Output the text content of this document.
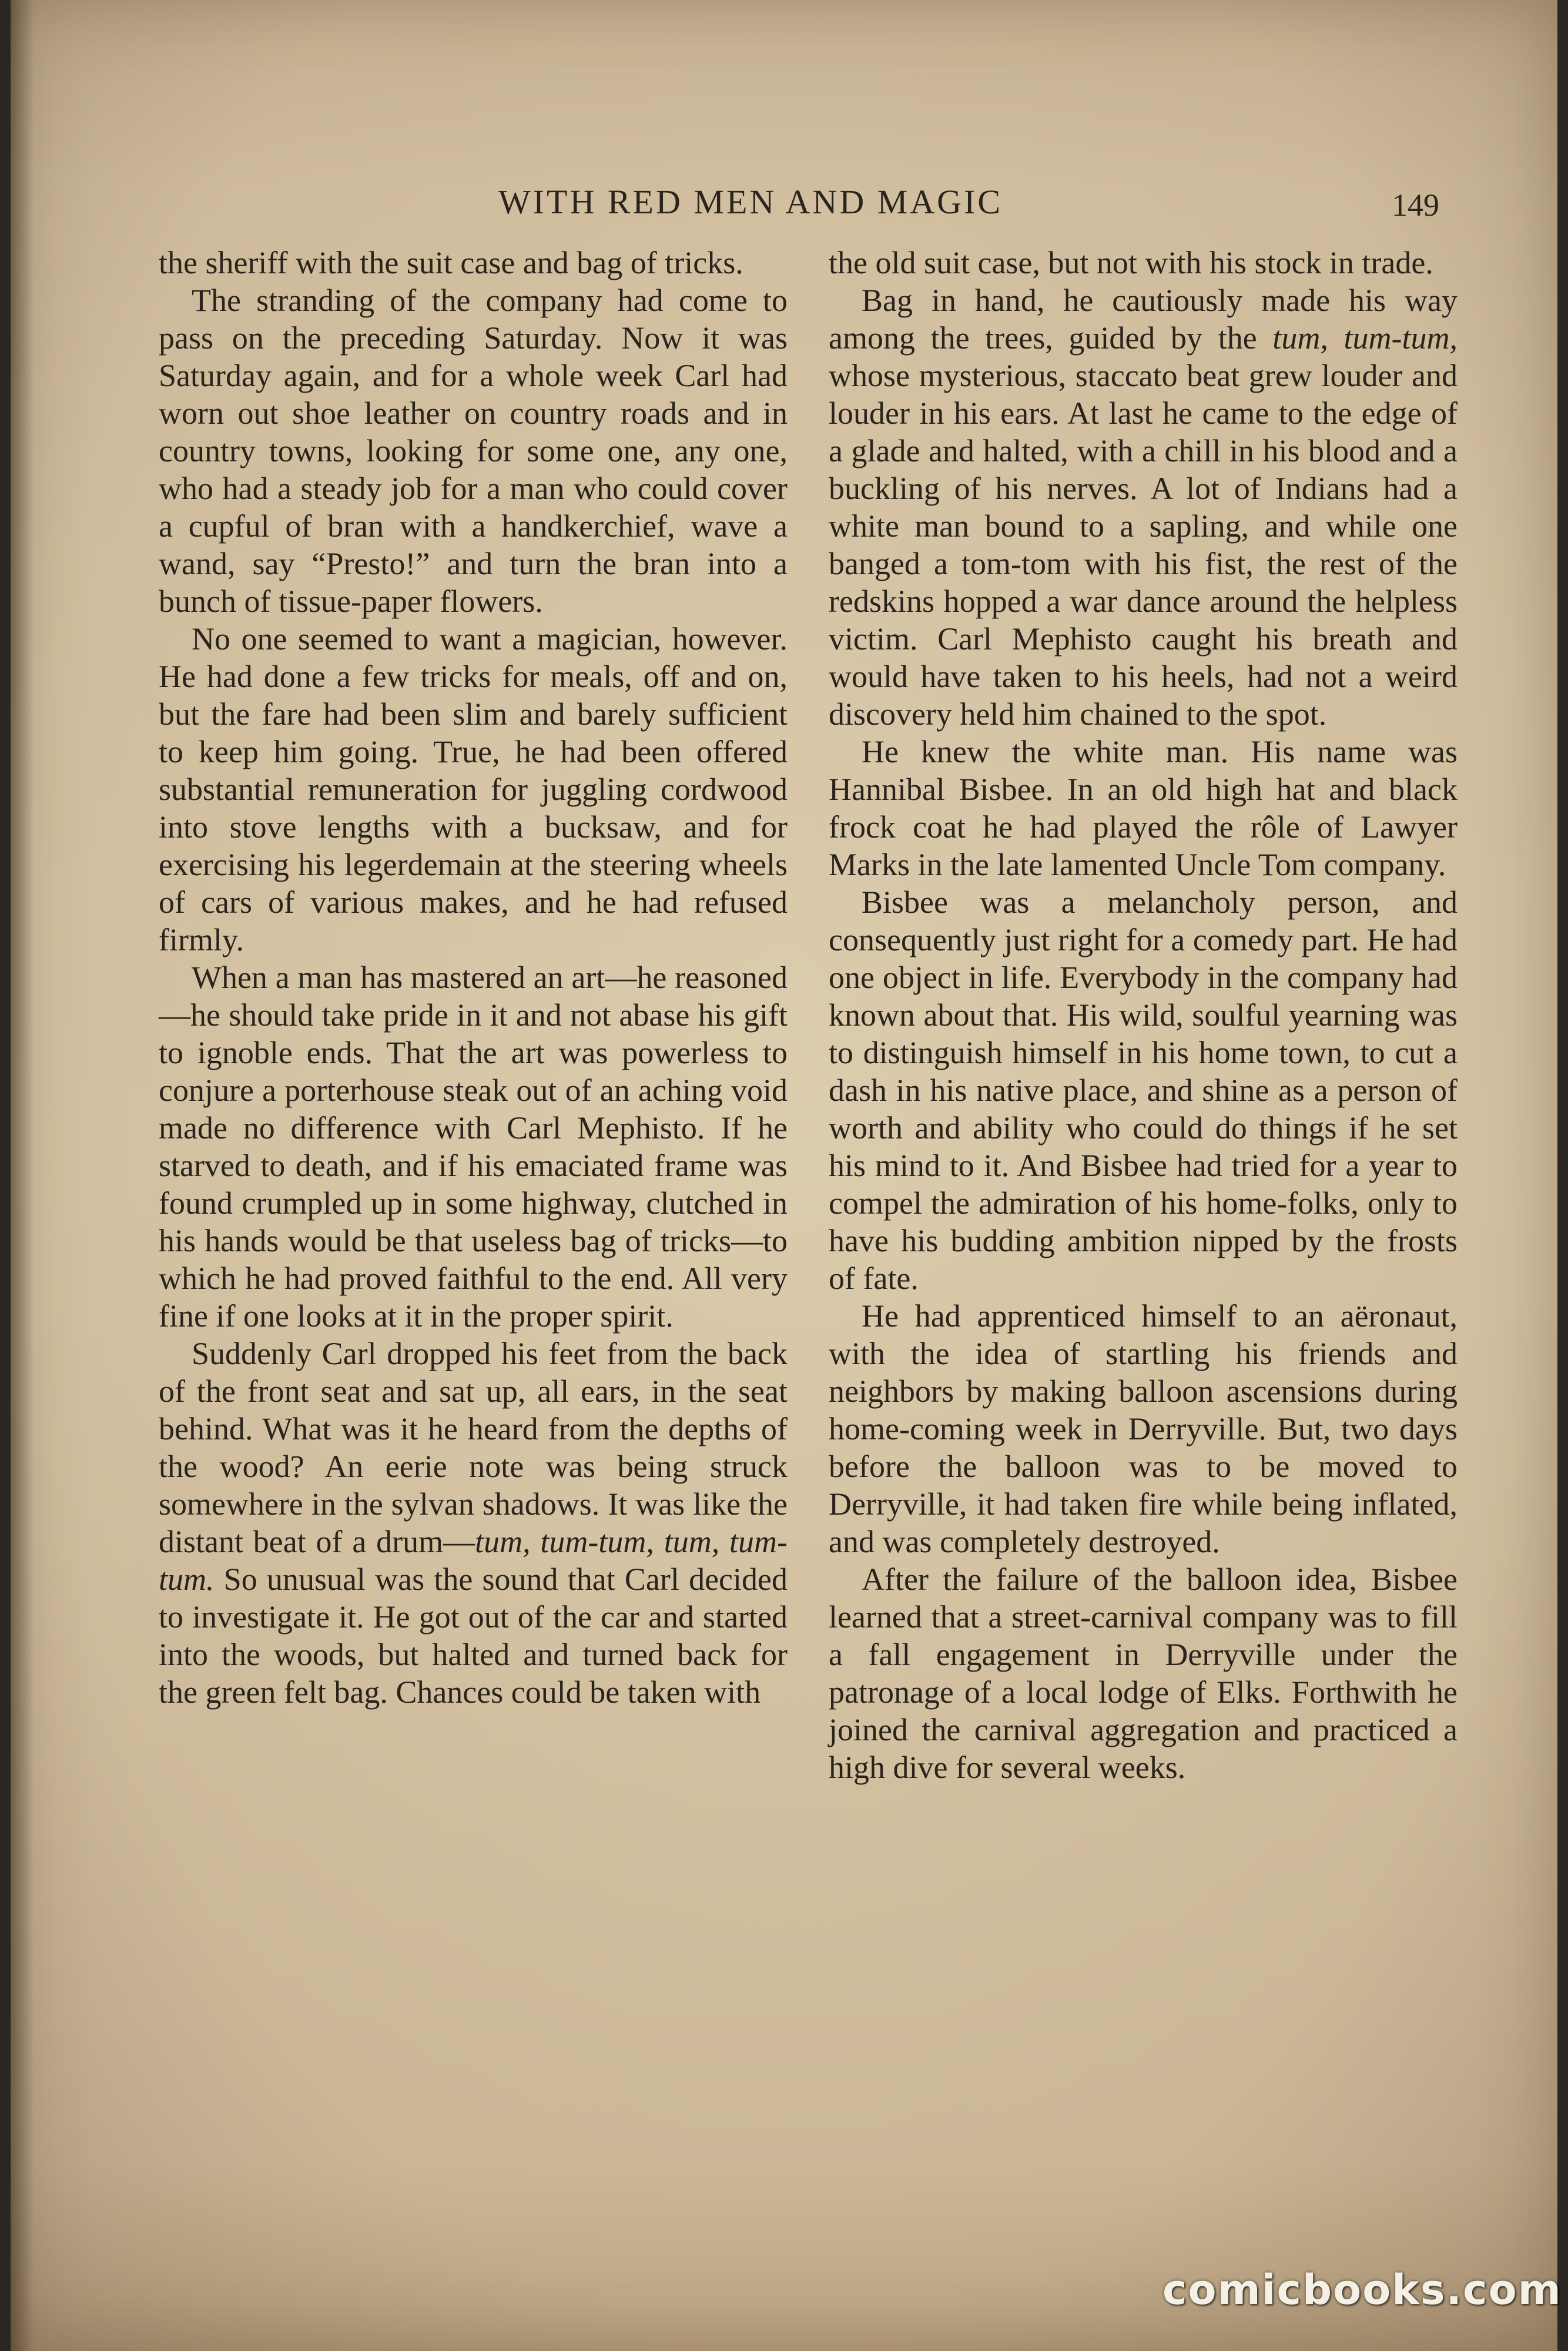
WITH RED MEN AND MAGIC	149

the sheriff with the suit case and bag of tricks.

The stranding of the company had come to pass on the preceding Saturday. Now it was Saturday again, and for a whole week Carl had worn out shoe leather on country roads and in country towns, looking for some one, any one, who had a steady job for a man who could cover a cupful of bran with a handkerchief, wave a wand, say “Presto!” and turn the bran into a bunch of tissue-paper flowers.

No one seemed to want a magician, however. He had done a few tricks for meals, off and on, but the fare had been slim and barely sufficient to keep him going. True, he had been offered substantial remuneration for juggling cordwood into stove lengths with a bucksaw, and for exercising his legerdemain at the steering wheels of cars of various makes, and he had refused firmly.

When a man has mastered an art—he reasoned—he should take pride in it and not abase his gift to ignoble ends. That the art was powerless to conjure a porterhouse steak out of an aching void made no difference with Carl Mephisto. If he starved to death, and if his emaciated frame was found crumpled up in some highway, clutched in his hands would be that useless bag of tricks—to which he had proved faithful to the end. All very fine if one looks at it in the proper spirit.

Suddenly Carl dropped his feet from the back of the front seat and sat up, all ears, in the seat behind. What was it he heard from the depths of the wood? An eerie note was being struck somewhere in the sylvan shadows. It was like the distant beat of a drum—tum, tum-tum, tum, tum-tum. So unusual was the sound that Carl decided to investigate it. He got out of the car and started into the woods, but halted and turned back for the green felt bag. Chances could be taken with

the old suit case, but not with his stock in trade.

Bag in hand, he cautiously made his way among the trees, guided by the tum, tum-tum, whose mysterious, staccato beat grew louder and louder in his ears. At last he came to the edge of a glade and halted, with a chill in his blood and a buckling of his nerves. A lot of Indians had a white man bound to a sapling, and while one banged a tom-tom with his fist, the rest of the redskins hopped a war dance around the helpless victim. Carl Mephisto caught his breath and would have taken to his heels, had not a weird discovery held him chained to the spot.

He knew the white man. His name was Hannibal Bisbee. In an old high hat and black frock coat he had played the rôle of Lawyer Marks in the late lamented Uncle Tom company.

Bisbee was a melancholy person, and consequently just right for a comedy part. He had one object in life. Everybody in the company had known about that. His wild, soulful yearning was to distinguish himself in his home town, to cut a dash in his native place, and shine as a person of worth and ability who could do things if he set his mind to it. And Bisbee had tried for a year to compel the admiration of his home-folks, only to have his budding ambition nipped by the frosts of fate.

He had apprenticed himself to an aëronaut, with the idea of startling his friends and neighbors by making balloon ascensions during home-coming week in Derryville. But, two days before the balloon was to be moved to Derryville, it had taken fire while being inflated, and was completely destroyed.

After the failure of the balloon idea, Bisbee learned that a street-carnival company was to fill a fall engagement in Derryville under the patronage of a local lodge of Elks. Forthwith he joined the carnival aggregation and practiced a high dive for several weeks.

comicbooks.com
